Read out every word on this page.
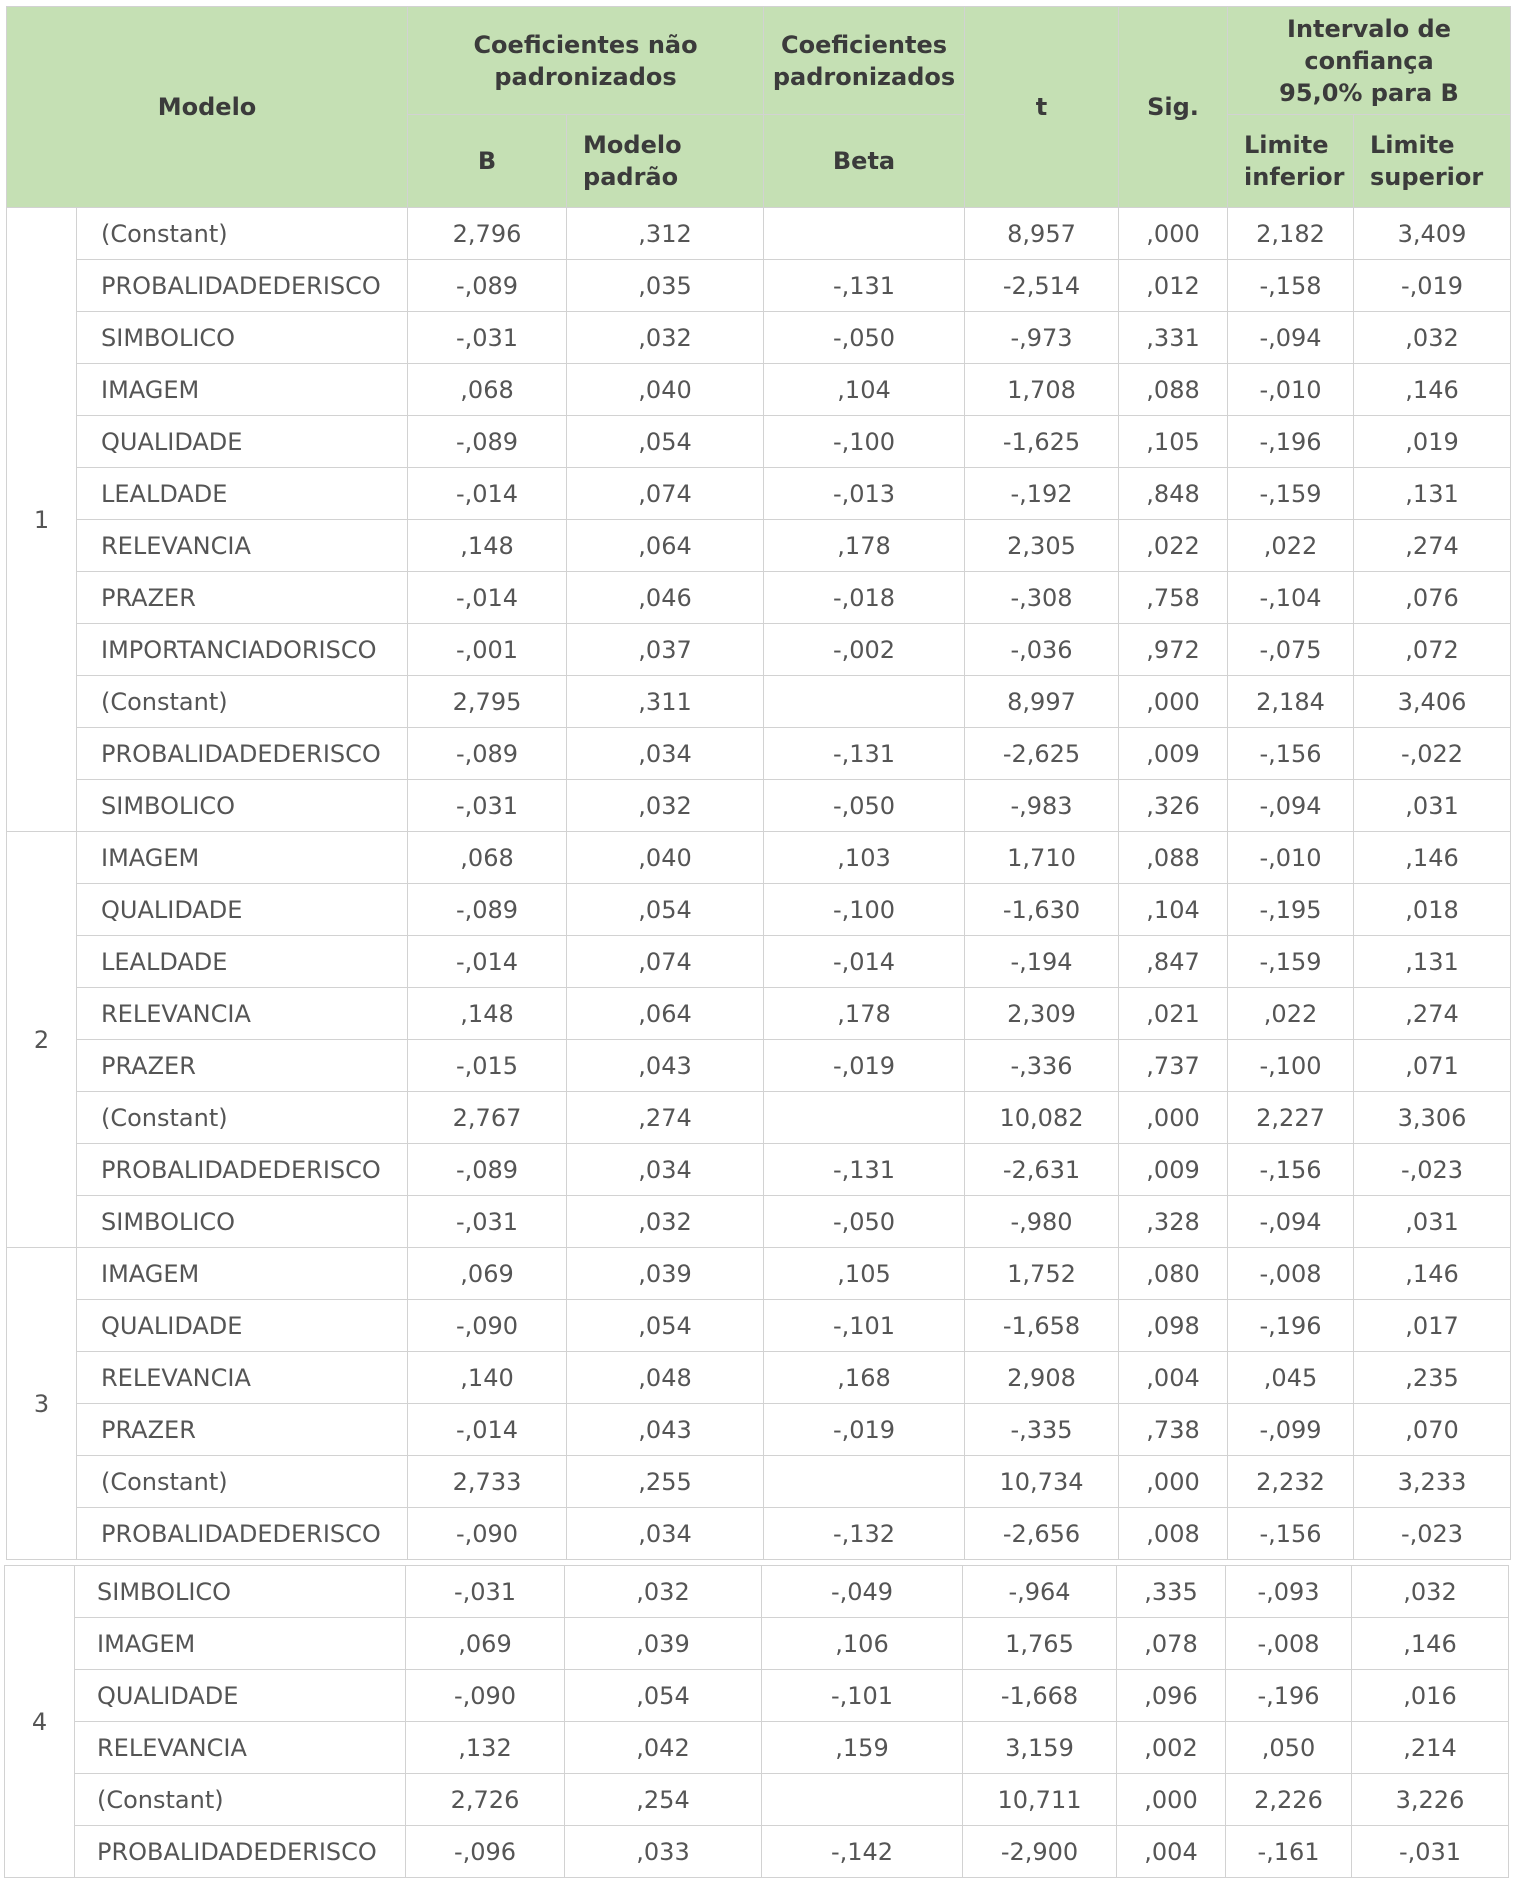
Modelo		Coeficientes não padronizados		Coeficientes padronizados	t	Sig.	Intervalo de confiança 95,0% para B	
		B	Modelo padrão	Beta			Limite inferior	Limite superior
1	(Constant)	2,796	,312		8,957	,000	2,182	3,409
	PROBALIDADEDERISCO	-,089	,035	-,131	-2,514	,012	-,158	-,019
	SIMBOLICO	-,031	,032	-,050	-,973	,331	-,094	,032
	IMAGEM	,068	,040	,104	1,708	,088	-,010	,146
	QUALIDADE	-,089	,054	-,100	-1,625	,105	-,196	,019
	LEALDADE	-,014	,074	-,013	-,192	,848	-,159	,131
	RELEVANCIA	,148	,064	,178	2,305	,022	,022	,274
	PRAZER	-,014	,046	-,018	-,308	,758	-,104	,076
	IMPORTANCIADORISCO	-,001	,037	-,002	-,036	,972	-,075	,072
	(Constant)	2,795	,311		8,997	,000	2,184	3,406
	PROBALIDADEDERISCO	-,089	,034	-,131	-2,625	,009	-,156	-,022
	SIMBOLICO	-,031	,032	-,050	-,983	,326	-,094	,031
2	IMAGEM	,068	,040	,103	1,710	,088	-,010	,146
	QUALIDADE	-,089	,054	-,100	-1,630	,104	-,195	,018
	LEALDADE	-,014	,074	-,014	-,194	,847	-,159	,131
	RELEVANCIA	,148	,064	,178	2,309	,021	,022	,274
	PRAZER	-,015	,043	-,019	-,336	,737	-,100	,071
	(Constant)	2,767	,274		10,082	,000	2,227	3,306
	PROBALIDADEDERISCO	-,089	,034	-,131	-2,631	,009	-,156	-,023
	SIMBOLICO	-,031	,032	-,050	-,980	,328	-,094	,031
3	IMAGEM	,069	,039	,105	1,752	,080	-,008	,146
	QUALIDADE	-,090	,054	-,101	-1,658	,098	-,196	,017
	RELEVANCIA	,140	,048	,168	2,908	,004	,045	,235
	PRAZER	-,014	,043	-,019	-,335	,738	-,099	,070
	(Constant)	2,733	,255		10,734	,000	2,232	3,233
	PROBALIDADEDERISCO	-,090	,034	-,132	-2,656	,008	-,156	-,023
4	SIMBOLICO	-,031	,032	-,049	-,964	,335	-,093	,032
	IMAGEM	,069	,039	,106	1,765	,078	-,008	,146
	QUALIDADE	-,090	,054	-,101	-1,668	,096	-,196	,016
	RELEVANCIA	,132	,042	,159	3,159	,002	,050	,214
	(Constant)	2,726	,254		10,711	,000	2,226	3,226
	PROBALIDADEDERISCO	-,096	,033	-,142	-2,900	,004	-,161	-,031
